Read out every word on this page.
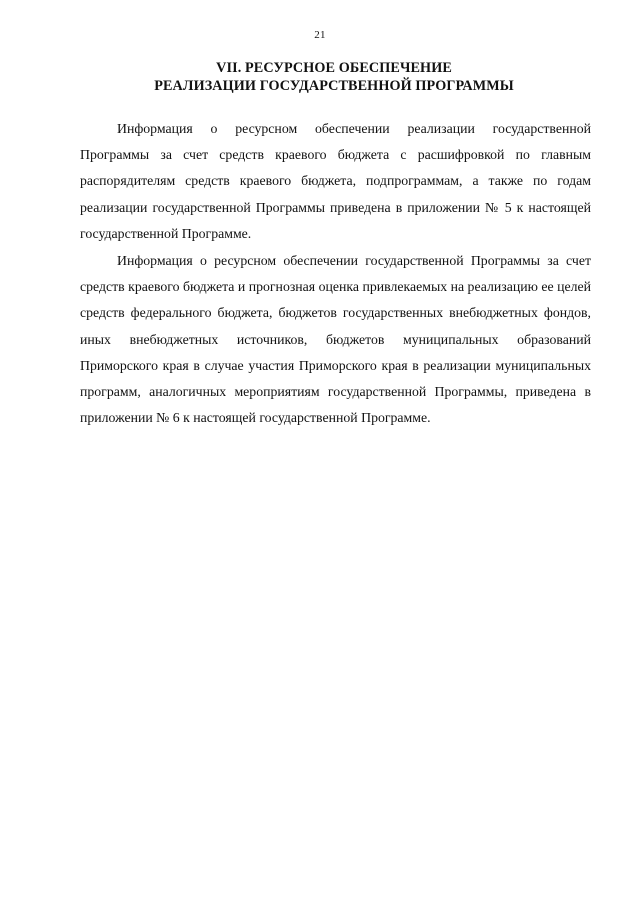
21
VII. РЕСУРСНОЕ ОБЕСПЕЧЕНИЕ
РЕАЛИЗАЦИИ ГОСУДАРСТВЕННОЙ ПРОГРАММЫ

Информация о ресурсном обеспечении реализации государственной Программы за счет средств краевого бюджета с расшифровкой по главным распорядителям средств краевого бюджета, подпрограммам, а также по годам реализации государственной Программы приведена в приложении № 5 к настоящей государственной Программе.

Информация о ресурсном обеспечении государственной Программы за счет средств краевого бюджета и прогнозная оценка привлекаемых на реализацию ее целей средств федерального бюджета, бюджетов государственных внебюджетных фондов, иных внебюджетных источников, бюджетов муниципальных образований Приморского края в случае участия Приморского края в реализации муниципальных программ, аналогичных мероприятиям государственной Программы, приведена в приложении № 6 к настоящей государственной Программе.
